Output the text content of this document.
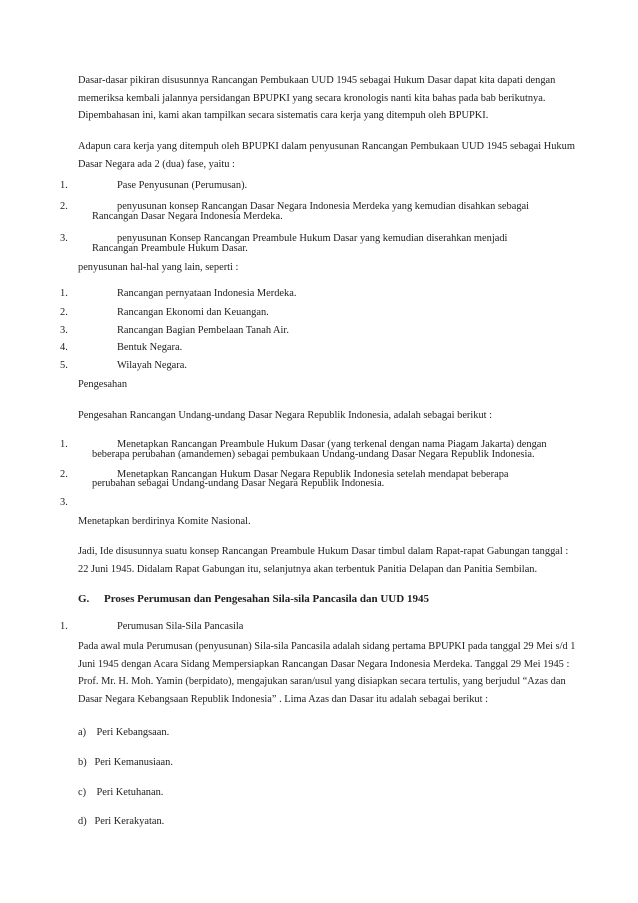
Dasar-dasar pikiran disusunnya Rancangan Pembukaan UUD 1945 sebagai Hukum Dasar dapat kita dapati dengan memeriksa kembali jalannya persidangan BPUPKI yang secara kronologis nanti kita bahas pada bab berikutnya. Dipembahasan ini, kami akan tampilkan secara sistematis cara kerja yang ditempuh oleh BPUPKI.

Adapun cara kerja yang ditempuh oleh BPUPKI dalam penyusunan Rancangan Pembukaan UUD 1945 sebagai Hukum Dasar Negara ada 2 (dua) fase, yaitu :

1.	Pase Penyusunan (Perumusan).
2.	penyusunan konsep Rancangan Dasar Negara Indonesia Merdeka yang kemudian disahkan sebagai
Rancangan Dasar Negara Indonesia Merdeka.
3.	penyusunan Konsep Rancangan Preambule Hukum Dasar yang kemudian diserahkan menjadi
Rancangan Preambule Hukum Dasar.

penyusunan hal-hal yang lain, seperti :

1.	Rancangan pernyataan Indonesia Merdeka.
2.	Rancangan Ekonomi dan Keuangan.
3.	Rancangan Bagian Pembelaan Tanah Air.
4.	Bentuk Negara.
5.	Wilayah Negara.

Pengesahan

Pengesahan Rancangan Undang-undang Dasar Negara Republik Indonesia, adalah sebagai berikut :

1.	Menetapkan Rancangan Preambule Hukum Dasar (yang terkenal dengan nama Piagam Jakarta) dengan
beberapa perubahan (amandemen) sebagai pembukaan Undang-undang Dasar Negara Republik Indonesia.
2.	Menetapkan Rancangan Hukum Dasar Negara Republik Indonesia setelah mendapat beberapa
perubahan sebagai Undang-undang Dasar Negara Republik Indonesia.
3.

Menetapkan berdirinya Komite Nasional.

Jadi, Ide disusunnya suatu konsep Rancangan Preambule Hukum Dasar timbul dalam Rapat-rapat Gabungan tanggal : 22 Juni 1945. Didalam Rapat Gabungan itu, selanjutnya akan terbentuk Panitia Delapan dan Panitia Sembilan.

G. Proses Perumusan dan Pengesahan Sila-sila Pancasila dan UUD 1945
1.	Perumusan Sila-Sila Pancasila

Pada awal mula Perumusan (penyusunan) Sila-sila Pancasila adalah sidang pertama BPUPKI pada tanggal 29 Mei s/d 1 Juni 1945 dengan Acara Sidang Mempersiapkan Rancangan Dasar Negara Indonesia Merdeka. Tanggal 29 Mei 1945 : Prof. Mr. H. Moh. Yamin (berpidato), mengajukan saran/usul yang disiapkan secara tertulis, yang berjudul “Azas dan Dasar Negara Kebangsaan Republik Indonesia” . Lima Azas dan Dasar itu adalah sebagai berikut :

a) Peri Kebangsaan.
b) Peri Kemanusiaan.
c) Peri Ketuhanan.
d) Peri Kerakyatan.
